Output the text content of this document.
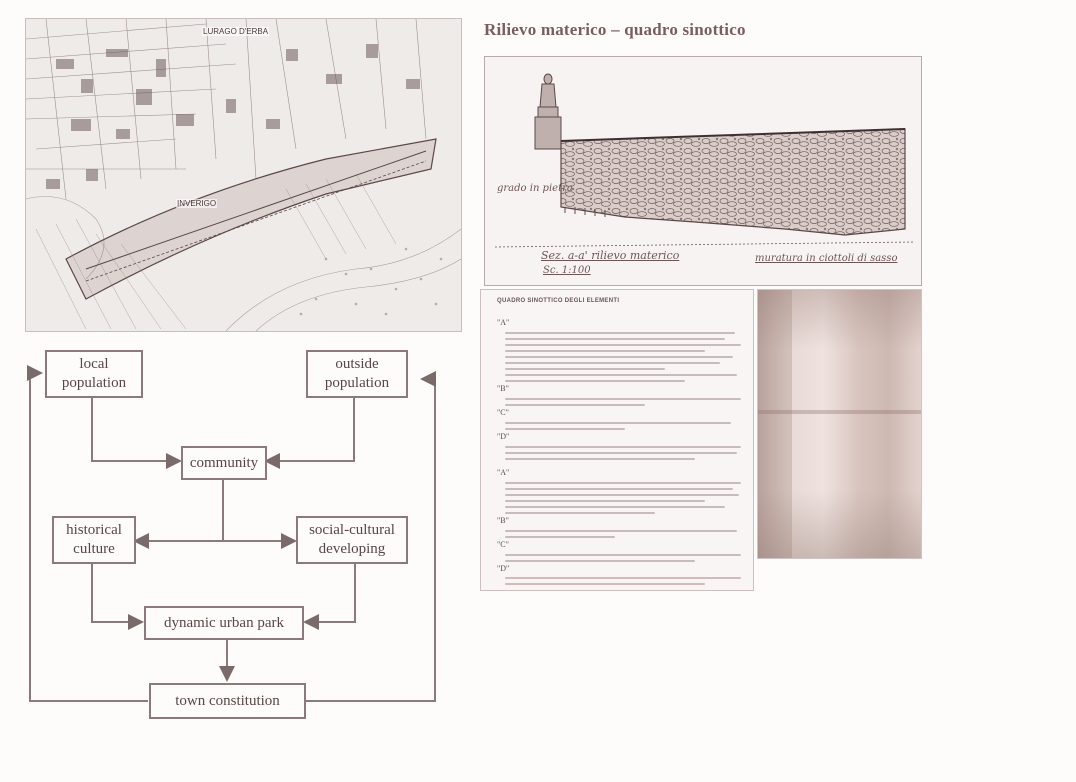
LURAGO D'ERBA
INVERIGO
local
population
outside
population
community
historical
culture
social-cultural
developing
dynamic urban park
town constitution
Rilievo materico – quadro sinottico
grado in pietra
Sez. a-a' rilievo materico
Sc. 1:100
muratura in ciottoli di sasso
QUADRO SINOTTICO DEGLI ELEMENTI
"A"
"B"
"C"
"D"
"A"
"B"
"C"
"D"
